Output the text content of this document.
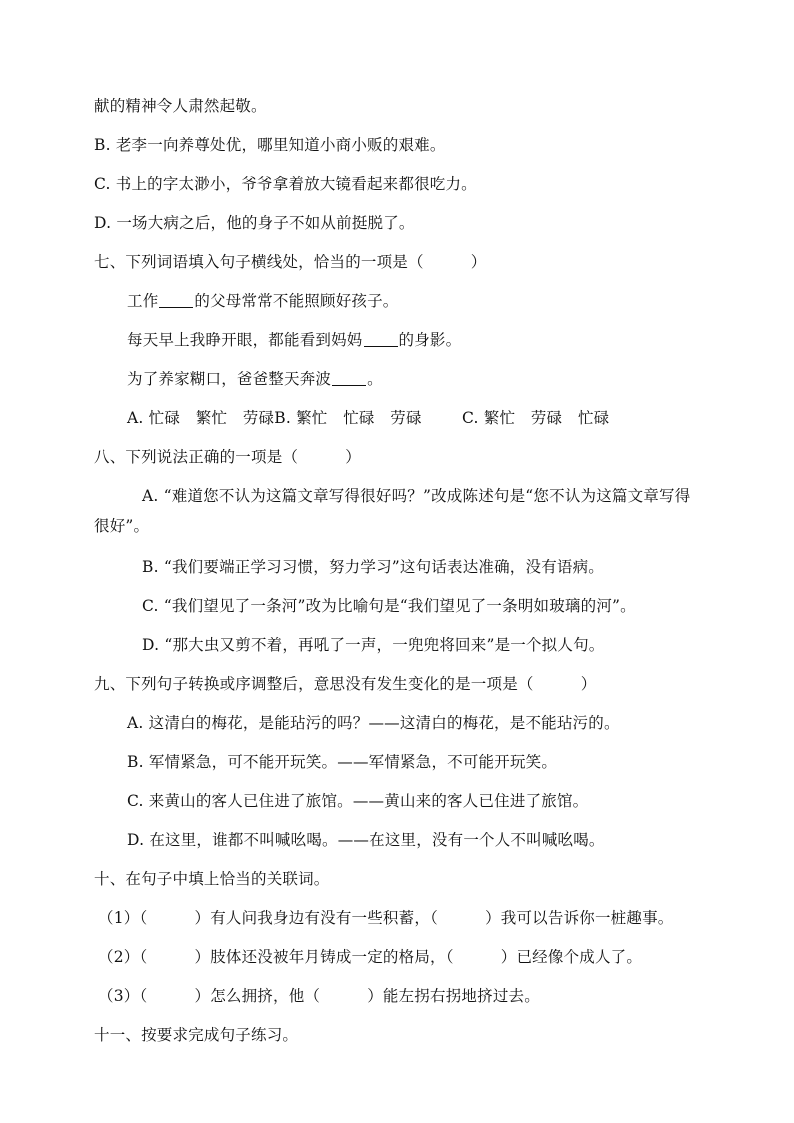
献的精神令人肃然起敬。
B. 老李一向养尊处优，哪里知道小商小贩的艰难。
C. 书上的字太渺小，爷爷拿着放大镜看起来都很吃力。
D. 一场大病之后，他的身子不如从前挺脱了。
七、下列词语填入句子横线处，恰当的一项是（　　　）
工作 的父母常常不能照顾好孩子。
每天早上我睁开眼，都能看到妈妈 的身影。
为了养家糊口，爸爸整天奔波 。
A. 忙碌　繁忙　劳碌B. 繁忙　忙碌　劳碌	C. 繁忙　劳碌　忙碌
八、下列说法正确的一项是（　　　）
A. “难道您不认为这篇文章写得很好吗？”改成陈述句是“您不认为这篇文章写得
很好”。
B. “我们要端正学习习惯，努力学习”这句话表达准确，没有语病。
C. “我们望见了一条河”改为比喻句是“我们望见了一条明如玻璃的河”。
D. “那大虫又剪不着，再吼了一声，一兜兜将回来”是一个拟人句。
九、下列句子转换或序调整后，意思没有发生变化的是一项是（　　　）
A. 这清白的梅花，是能玷污的吗？——这清白的梅花，是不能玷污的。
B. 军情紧急，可不能开玩笑。——军情紧急，不可能开玩笑。
C. 来黄山的客人已住进了旅馆。——黄山来的客人已住进了旅馆。
D. 在这里，谁都不叫喊吆喝。——在这里，没有一个人不叫喊吆喝。
十、在句子中填上恰当的关联词。
（1）（　　　）有人问我身边有没有一些积蓄，（　　　）我可以告诉你一桩趣事。
（2）（　　　）肢体还没被年月铸成一定的格局，（　　　）已经像个成人了。
（3）（　　　）怎么拥挤，他（　　　）能左拐右拐地挤过去。
十一、按要求完成句子练习。
